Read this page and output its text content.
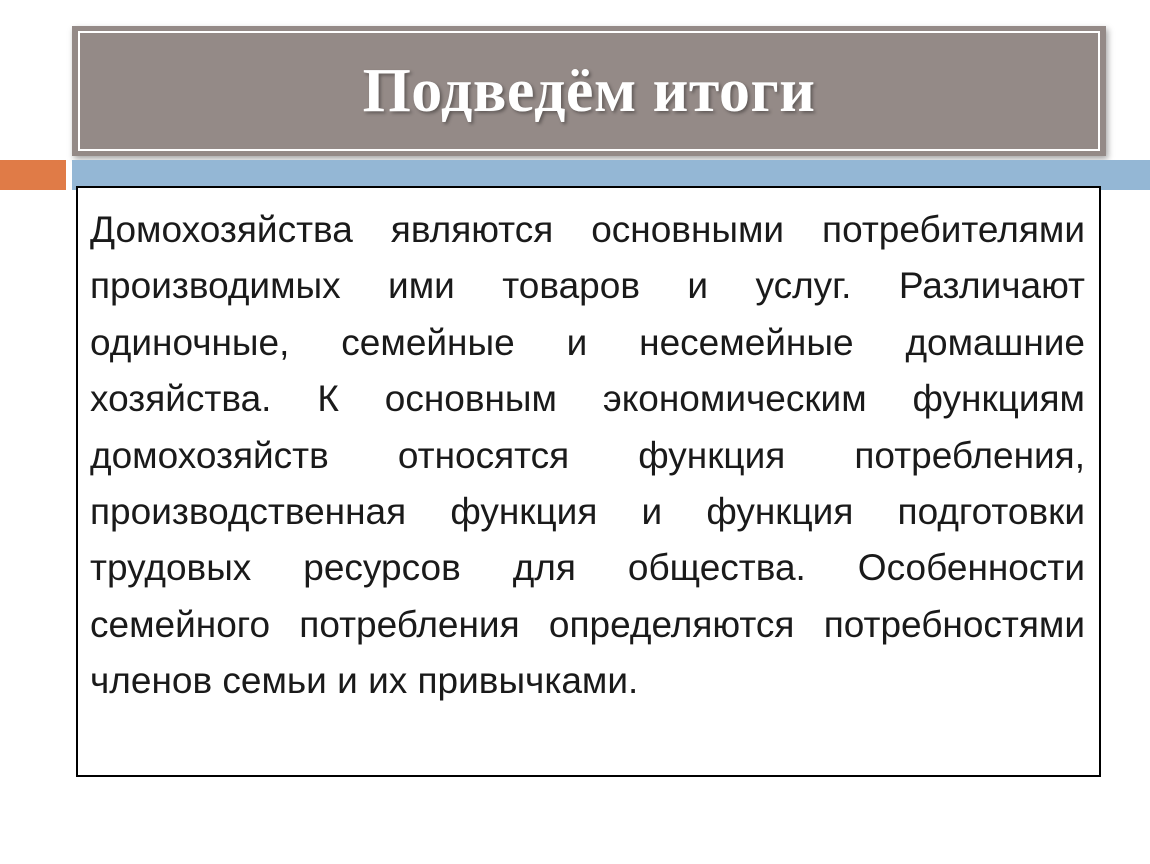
Подведём итоги

Домохозяйства являются основными потребителями производимых ими товаров и услуг. Различают одиночные, семейные и несемейные домашние хозяйства. К основным экономическим функциям домохозяйств относятся функция потребления, производственная функция и функция подготовки трудовых ресурсов для общества. Особенности семейного потребления определяются потребностями членов семьи и их привычками.
